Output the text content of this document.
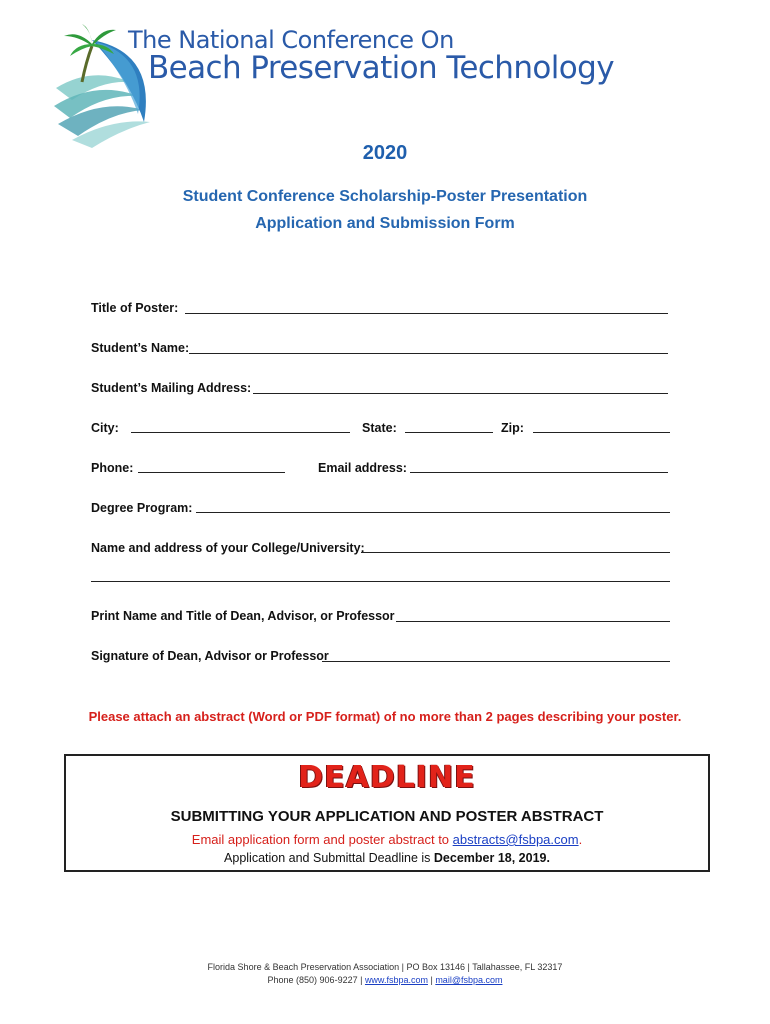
The National Conference On
Beach Preservation Technology
2020
Student Conference Scholarship-Poster Presentation
Application and Submission Form
Title of Poster:
Student’s Name:
Student’s Mailing Address:
City:	State:	Zip:
Phone:	Email address:
Degree Program:
Name and address of your College/University:
Print Name and Title of Dean, Advisor, or Professor
Signature of Dean, Advisor or Professor
Please attach an abstract (Word or PDF format) of no more than 2 pages describing your poster.
DEADLINE
SUBMITTING YOUR APPLICATION AND POSTER ABSTRACT
Email application form and poster abstract to abstracts@fsbpa.com.
Application and Submittal Deadline is December 18, 2019.
Florida Shore & Beach Preservation Association | PO Box 13146 | Tallahassee, FL 32317
Phone (850) 906-9227 | www.fsbpa.com | mail@fsbpa.com
